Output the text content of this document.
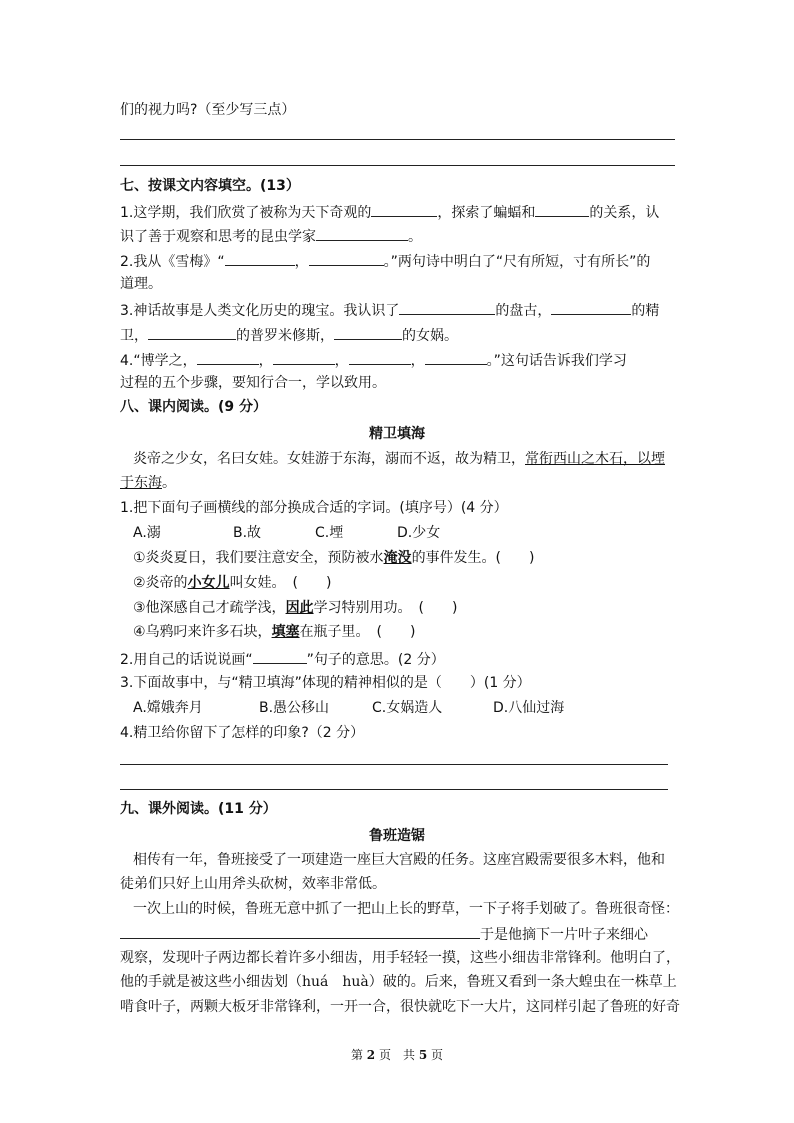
们的视力吗?（至少写三点）
七、按课文内容填空。(13）
1.这学期，我们欣赏了被称为天下奇观的	，探索了蝙蝠和	的关系，认
识了善于观察和思考的昆虫学家	。
2.我从《雪梅》“	，	。”两句诗中明白了“尺有所短，寸有所长”的
道理。
3.神话故事是人类文化历史的瑰宝。我认识了	的盘古，	的精
卫，	的普罗米修斯，	的女娲。
4.“博学之，	，	，	，	。”这句话告诉我们学习
过程的五个步骤，要知行合一，学以致用。
八、课内阅读。(9 分）
精卫填海
炎帝之少女，名曰女娃。女娃游于东海，溺而不返，故为精卫，常衔西山之木石，以堙
于东海。
1.把下面句子画横线的部分换成合适的字词。(填序号）(4 分）
A.溺	B.故	C.堙	D.少女
①炎炎夏日，我们要注意安全，预防被水淹没的事件发生。(　　)
②炎帝的小女儿叫女娃。　(　　)
③他深感自己才疏学浅，因此学习特别用功。　(　　)
④乌鸦叼来许多石块，填塞在瓶子里。　(　　)
2.用自己的话说说画“	”句子的意思。(2 分）
3.下面故事中，与“精卫填海”体现的精神相似的是（　　）(1 分）
A.嫦娥奔月	B.愚公移山	C.女娲造人	D.八仙过海
4.精卫给你留下了怎样的印象?（2 分）
九、课外阅读。(11 分）
鲁班造锯
相传有一年，鲁班接受了一项建造一座巨大宫殿的任务。这座宫殿需要很多木料，他和
徒弟们只好上山用斧头砍树，效率非常低。
一次上山的时候，鲁班无意中抓了一把山上长的野草，一下子将手划破了。鲁班很奇怪：
于是他摘下一片叶子来细心
观察，发现叶子两边都长着许多小细齿，用手轻轻一摸，这些小细齿非常锋利。他明白了，
他的手就是被这些小细齿划（huá　huà）破的。后来，鲁班又看到一条大蝗虫在一株草上
啃食叶子，两颗大板牙非常锋利，一开一合，很快就吃下一大片，这同样引起了鲁班的好奇
第 2 页　共 5 页
